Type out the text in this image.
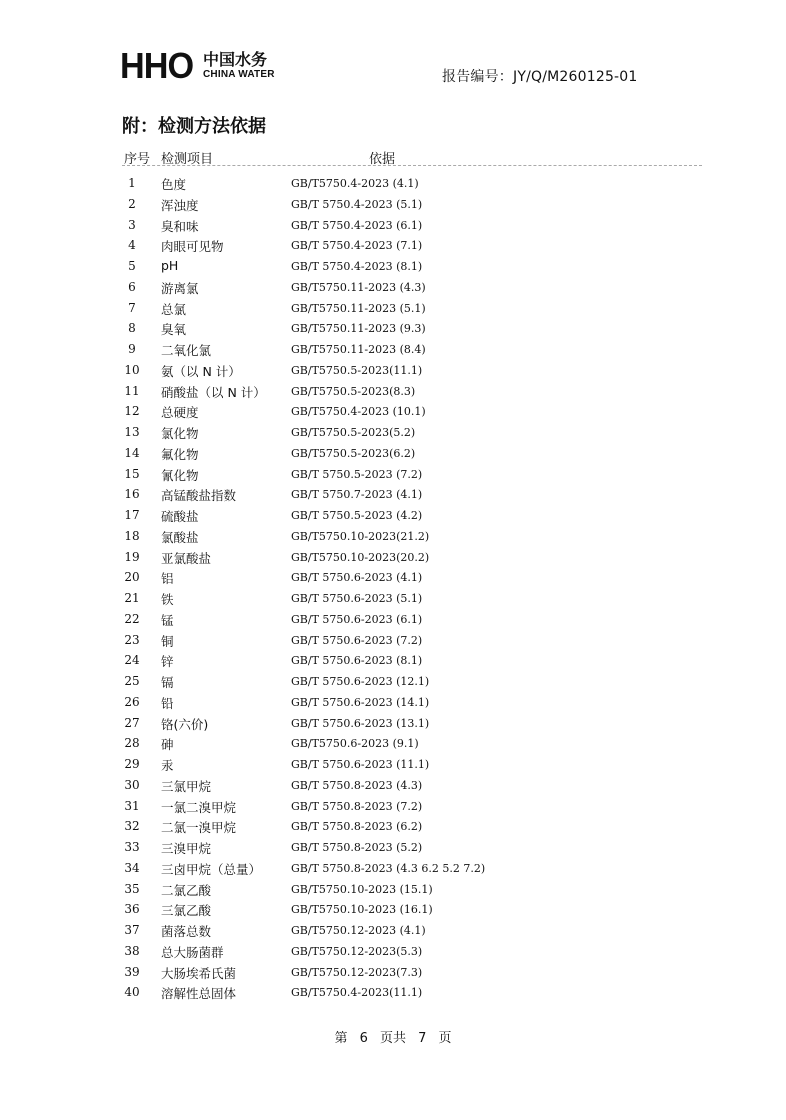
HHO 中国水务
CHINA WATER	报告编号：JY/Q/M260125-01
附：检测方法依据
序号 检测项目	依据
1	色度	GB/T5750.4-2023 (4.1)
2	浑浊度	GB/T 5750.4-2023 (5.1)
3	臭和味	GB/T 5750.4-2023 (6.1)
4	肉眼可见物	GB/T 5750.4-2023 (7.1)
5	pH	GB/T 5750.4-2023 (8.1)
6	游离氯	GB/T5750.11-2023 (4.3)
7	总氯	GB/T5750.11-2023 (5.1)
8	臭氧	GB/T5750.11-2023 (9.3)
9	二氧化氯	GB/T5750.11-2023 (8.4)
10 氨（以 N 计）	GB/T5750.5-2023(11.1)
11 硝酸盐（以 N 计） GB/T5750.5-2023(8.3)
12 总硬度	GB/T5750.4-2023 (10.1)
13 氯化物	GB/T5750.5-2023(5.2)
14 氟化物	GB/T5750.5-2023(6.2)
15 氰化物	GB/T 5750.5-2023 (7.2)
16 高锰酸盐指数	GB/T 5750.7-2023 (4.1)
17 硫酸盐	GB/T 5750.5-2023 (4.2)
18 氯酸盐	GB/T5750.10-2023(21.2)
19 亚氯酸盐	GB/T5750.10-2023(20.2)
20 铝	GB/T 5750.6-2023 (4.1)
21 铁	GB/T 5750.6-2023 (5.1)
22 锰	GB/T 5750.6-2023 (6.1)
23 铜	GB/T 5750.6-2023 (7.2)
24 锌	GB/T 5750.6-2023 (8.1)
25 镉	GB/T 5750.6-2023 (12.1)
26 铅	GB/T 5750.6-2023 (14.1)
27 铬(六价)	GB/T 5750.6-2023 (13.1)
28 砷	GB/T5750.6-2023 (9.1)
29 汞	GB/T 5750.6-2023 (11.1)
30 三氯甲烷	GB/T 5750.8-2023 (4.3)
31 一氯二溴甲烷	GB/T 5750.8-2023 (7.2)
32 二氯一溴甲烷	GB/T 5750.8-2023 (6.2)
33 三溴甲烷	GB/T 5750.8-2023 (5.2)
34 三卤甲烷（总量）	GB/T 5750.8-2023 (4.3 6.2 5.2 7.2)
35 二氯乙酸	GB/T5750.10-2023 (15.1)
36 三氯乙酸	GB/T5750.10-2023 (16.1)
37 菌落总数	GB/T5750.12-2023 (4.1)
38 总大肠菌群	GB/T5750.12-2023(5.3)
39 大肠埃希氏菌	GB/T5750.12-2023(7.3)
40 溶解性总固体	GB/T5750.4-2023(11.1)
第 6 页共 7 页
